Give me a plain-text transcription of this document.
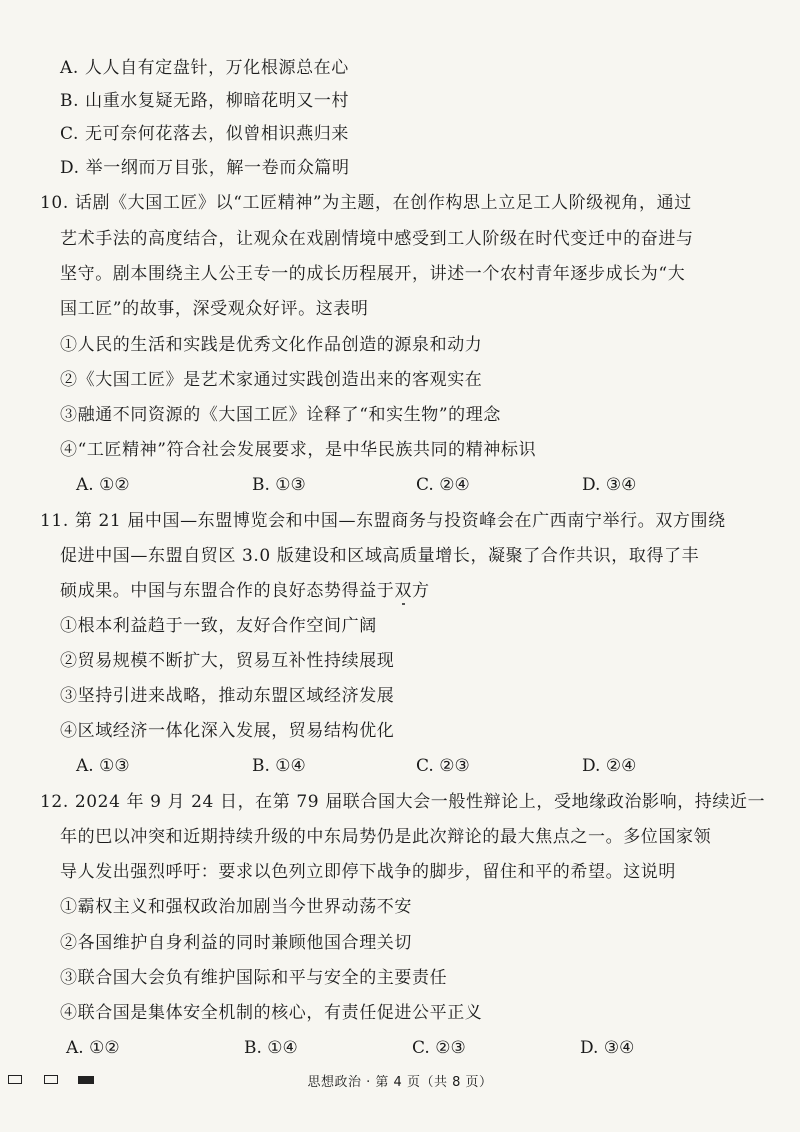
A. 人人自有定盘针，万化根源总在心
B. 山重水复疑无路，柳暗花明又一村
C. 无可奈何花落去，似曾相识燕归来
D. 举一纲而万目张，解一卷而众篇明
10. 话剧《大国工匠》以“工匠精神”为主题，在创作构思上立足工人阶级视角，通过
艺术手法的高度结合，让观众在戏剧情境中感受到工人阶级在时代变迁中的奋进与
坚守。剧本围绕主人公王专一的成长历程展开，讲述一个农村青年逐步成长为“大
国工匠”的故事，深受观众好评。这表明
①人民的生活和实践是优秀文化作品创造的源泉和动力
②《大国工匠》是艺术家通过实践创造出来的客观实在
③融通不同资源的《大国工匠》诠释了“和实生物”的理念
④“工匠精神”符合社会发展要求，是中华民族共同的精神标识
A. ①②	B. ①③	C. ②④	D. ③④
11. 第 21 届中国—东盟博览会和中国—东盟商务与投资峰会在广西南宁举行。双方围绕
促进中国—东盟自贸区 3.0 版建设和区域高质量增长，凝聚了合作共识，取得了丰
硕成果。中国与东盟合作的良好态势得益于双方
①根本利益趋于一致，友好合作空间广阔
②贸易规模不断扩大，贸易互补性持续展现
③坚持引进来战略，推动东盟区域经济发展
④区域经济一体化深入发展，贸易结构优化
A. ①③	B. ①④	C. ②③	D. ②④
12. 2024 年 9 月 24 日，在第 79 届联合国大会一般性辩论上，受地缘政治影响，持续近一
年的巴以冲突和近期持续升级的中东局势仍是此次辩论的最大焦点之一。多位国家领
导人发出强烈呼吁：要求以色列立即停下战争的脚步，留住和平的希望。这说明
①霸权主义和强权政治加剧当今世界动荡不安
②各国维护自身利益的同时兼顾他国合理关切
③联合国大会负有维护国际和平与安全的主要责任
④联合国是集体安全机制的核心，有责任促进公平正义
A. ①②	B. ①④	C. ②③	D. ③④
思想政治 · 第 4 页（共 8 页）
